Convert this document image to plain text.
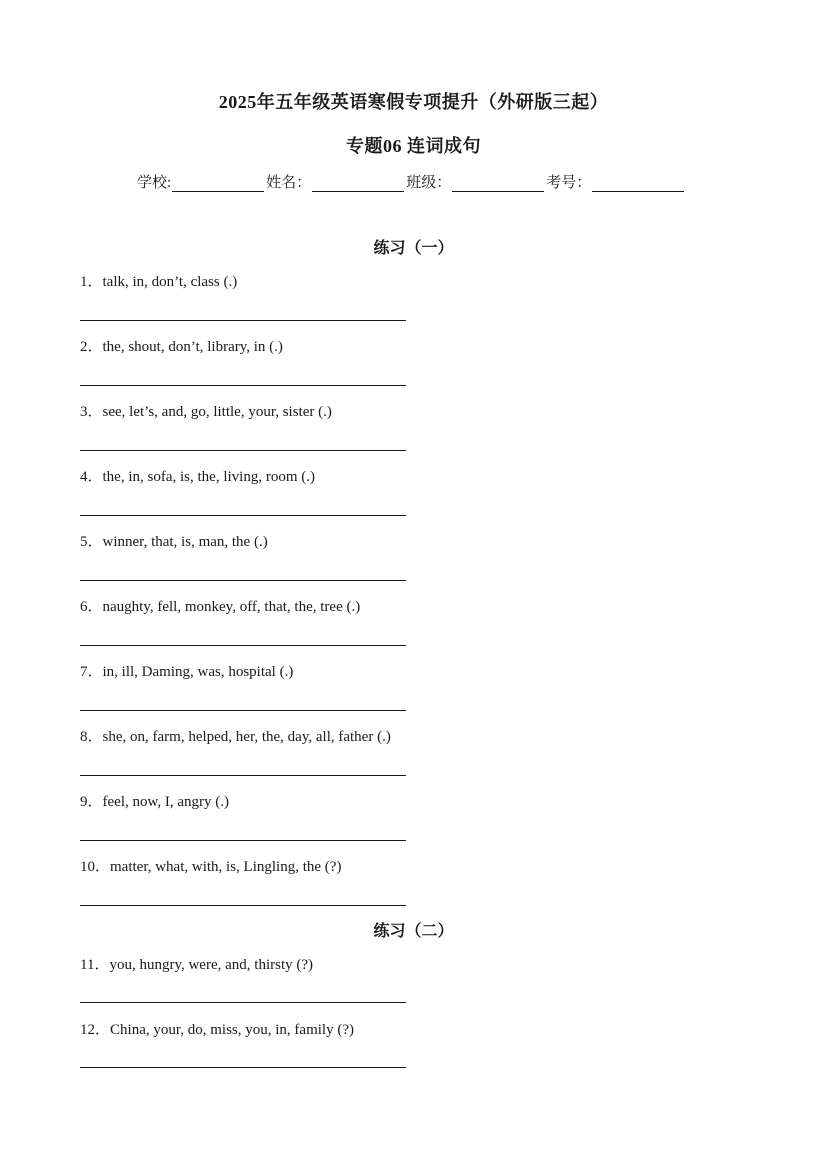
2025年五年级英语寒假专项提升（外研版三起）
专题06 连词成句
学校:	姓名：	班级：	考号：
练习（一）
1．talk, in, don’t, class (.)
2．the, shout, don’t, library, in (.)
3．see, let’s, and, go, little, your, sister (.)
4．the, in, sofa, is, the, living, room (.)
5．winner, that, is, man, the (.)
6．naughty, fell, monkey, off, that, the, tree (.)
7．in, ill, Daming, was, hospital (.)
8．she, on, farm, helped, her, the, day, all, father (.)
9．feel, now, I, angry (.)
10．matter, what, with, is, Lingling, the (?)
练习（二）
11．you, hungry, were, and, thirsty (?)
12．China, your, do, miss, you, in, family (?)
